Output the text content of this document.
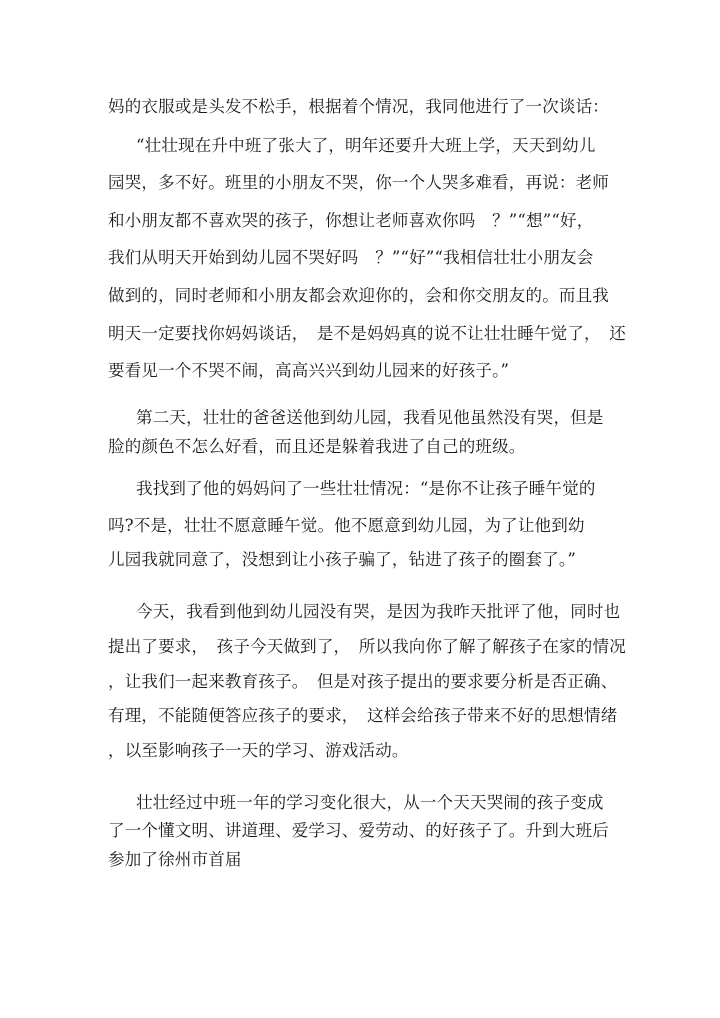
妈的衣服或是头发不松手，根据着个情况，我同他进行了一次谈话：
“壮壮现在升中班了张大了，明年还要升大班上学，天天到幼儿
园哭，多不好。班里的小朋友不哭，你一个人哭多难看，再说：老师
和小朋友都不喜欢哭的孩子，你想让老师喜欢你吗　？”“想”“好，
我们从明天开始到幼儿园不哭好吗　？”“好”“我相信壮壮小朋友会
做到的，同时老师和小朋友都会欢迎你的，会和你交朋友的。而且我
明天一定要找你妈妈谈话，　是不是妈妈真的说不让壮壮睡午觉了，　还
要看见一个不哭不闹，高高兴兴到幼儿园来的好孩子。”
第二天，壮壮的爸爸送他到幼儿园，我看见他虽然没有哭，但是
脸的颜色不怎么好看，而且还是躲着我进了自己的班级。
我找到了他的妈妈问了一些壮壮情况：“是你不让孩子睡午觉的
吗?不是，壮壮不愿意睡午觉。他不愿意到幼儿园，为了让他到幼
儿园我就同意了，没想到让小孩子骗了，钻进了孩子的圈套了。”
今天，我看到他到幼儿园没有哭，是因为我昨天批评了他，同时也
提出了要求，　孩子今天做到了，　所以我向你了解了解孩子在家的情况
，让我们一起来教育孩子。　但是对孩子提出的要求要分析是否正确、
有理，不能随便答应孩子的要求，　这样会给孩子带来不好的思想情绪
，以至影响孩子一天的学习、游戏活动。
壮壮经过中班一年的学习变化很大，从一个天天哭闹的孩子变成
了一个懂文明、讲道理、爱学习、爱劳动、的好孩子了。升到大班后
参加了徐州市首届
